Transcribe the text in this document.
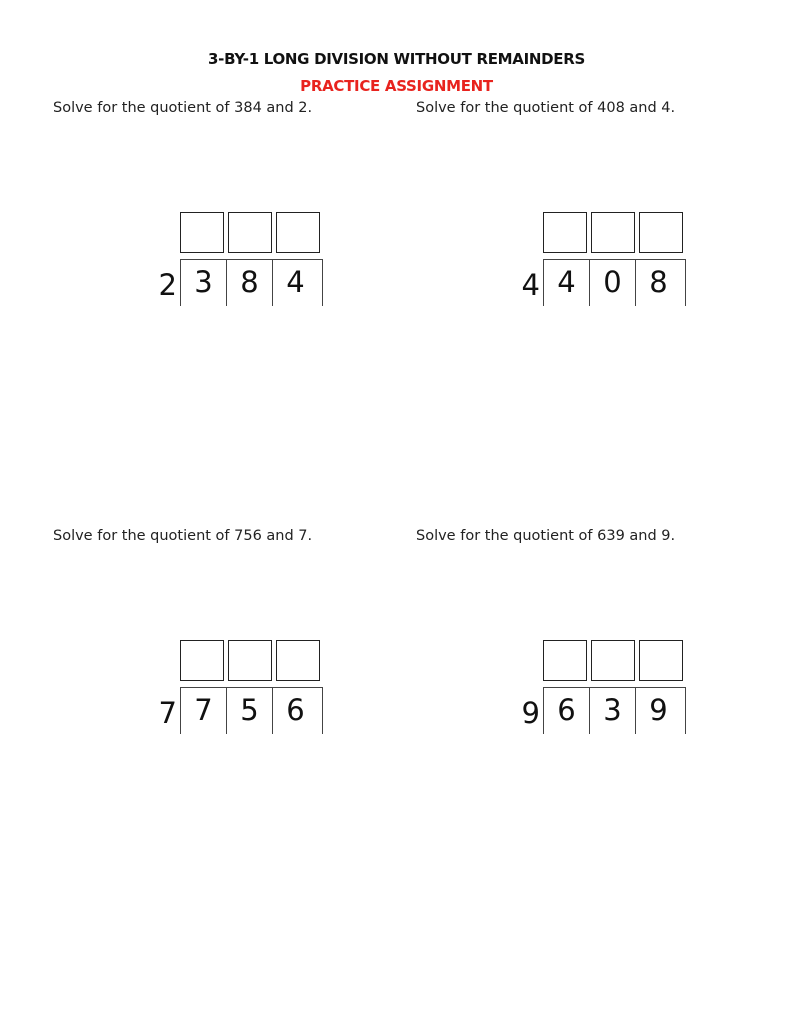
3-BY-1 LONG DIVISION WITHOUT REMAINDERS
PRACTICE ASSIGNMENT
Solve for the quotient of 384 and 2.	Solve for the quotient of 408 and 4.
Solve for the quotient of 756 and 7.	Solve for the quotient of 639 and 9.
2 3 8 4	4 4 0 8
7 7 5 6	9 6 3 9
